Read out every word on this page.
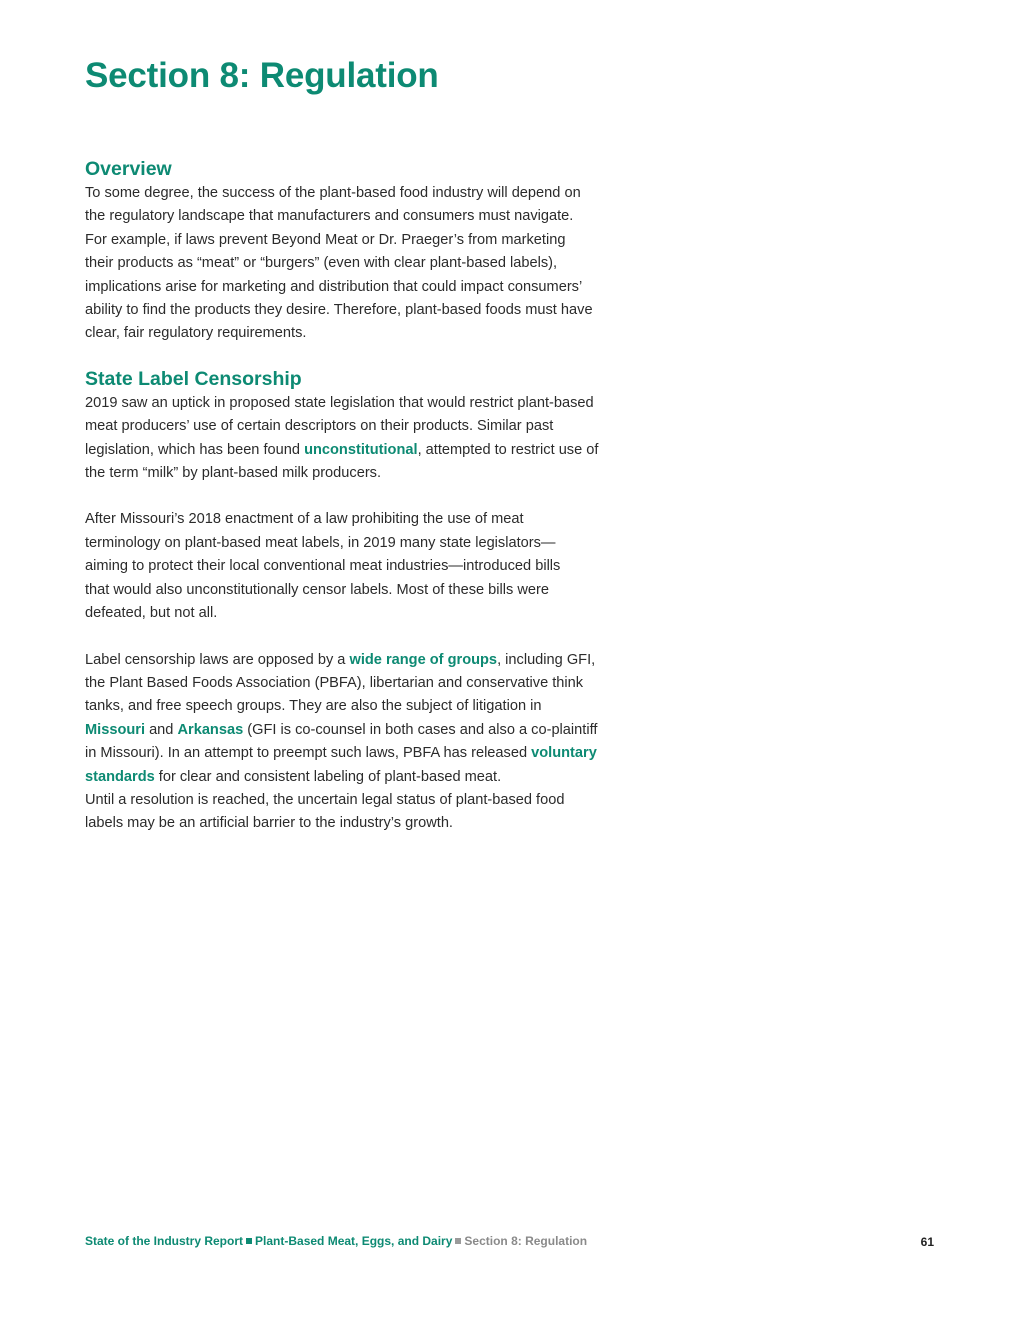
Section 8: Regulation
Overview

To some degree, the success of the plant-based food industry will depend on
the regulatory landscape that manufacturers and consumers must navigate.
For example, if laws prevent Beyond Meat or Dr. Praeger’s from marketing
their products as “meat” or “burgers” (even with clear plant-based labels),
implications arise for marketing and distribution that could impact consumers’
ability to find the products they desire. Therefore, plant-based foods must have
clear, fair regulatory requirements.

State Label Censorship

2019 saw an uptick in proposed state legislation that would restrict plant-based
meat producers’ use of certain descriptors on their products. Similar past
legislation, which has been found unconstitutional, attempted to restrict use of
the term “milk” by plant-based milk producers.

After Missouri’s 2018 enactment of a law prohibiting the use of meat
terminology on plant-based meat labels, in 2019 many state legislators—
aiming to protect their local conventional meat industries—introduced bills
that would also unconstitutionally censor labels. Most of these bills were
defeated, but not all.

Label censorship laws are opposed by a wide range of groups, including GFI,
the Plant Based Foods Association (PBFA), libertarian and conservative think
tanks, and free speech groups. They are also the subject of litigation in
Missouri and Arkansas (GFI is co-counsel in both cases and also a co-plaintiff
in Missouri). In an attempt to preempt such laws, PBFA has released voluntary
standards for clear and consistent labeling of plant-based meat.
Until a resolution is reached, the uncertain legal status of plant-based food
labels may be an artificial barrier to the industry’s growth.

State of the Industry Report Plant-Based Meat, Eggs, and Dairy Section 8: Regulation	61
